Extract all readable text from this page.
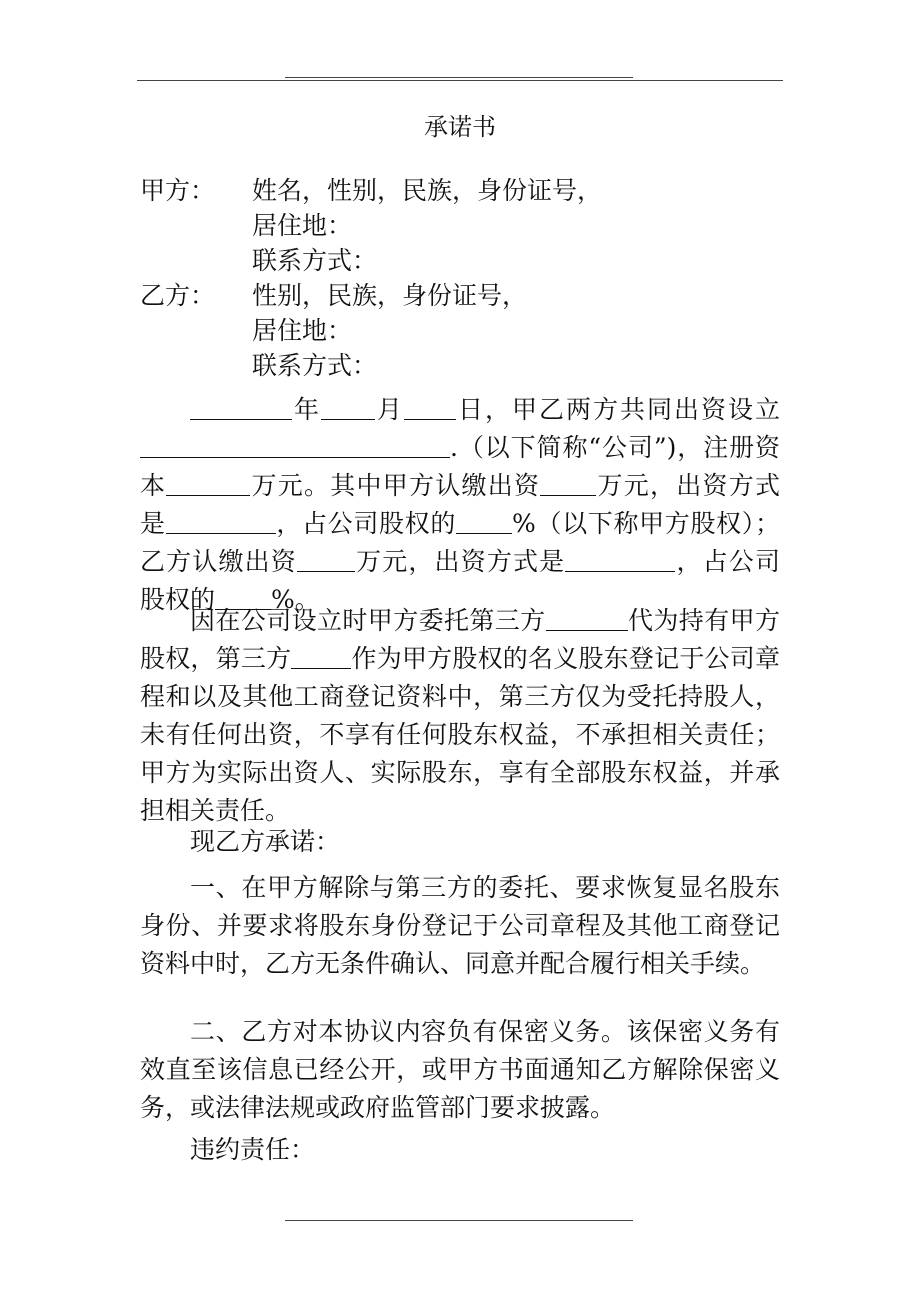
承诺书
甲方：	姓名，性别，民族，身份证号，
居住地：
联系方式：
乙方：	性别，民族，身份证号，
居住地：
联系方式：
年 月 日，甲乙两方共同出资设立.（以下简称“公司”)，注册资本	万元。其中甲方认缴出资 万元，出资方式是	，占公司股权的 %（以下称甲方股权）；乙方认缴出资 万元，出资方式是	，占公司股权的 %。
因在公司设立时甲方委托第三方	代为持有甲方股权，第三方 作为甲方股权的名义股东登记于公司章程和以及其他工商登记资料中，第三方仅为受托持股人，未有任何出资，不享有任何股东权益，不承担相关责任；甲方为实际出资人、实际股东，享有全部股东权益，并承担相关责任。
现乙方承诺：
一、在甲方解除与第三方的委托、要求恢复显名股东身份、并要求将股东身份登记于公司章程及其他工商登记资料中时，乙方无条件确认、同意并配合履行相关手续。
二、乙方对本协议内容负有保密义务。该保密义务有效直至该信息已经公开，或甲方书面通知乙方解除保密义务，或法律法规或政府监管部门要求披露。
违约责任：
